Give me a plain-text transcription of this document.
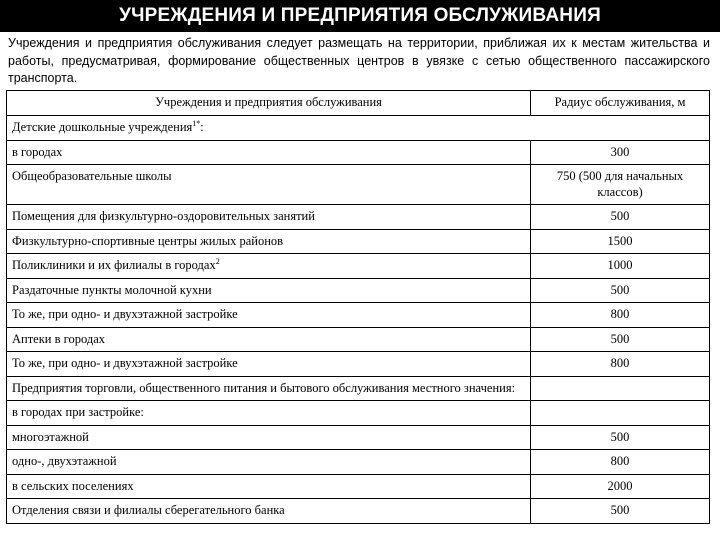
УЧРЕЖДЕНИЯ И ПРЕДПРИЯТИЯ ОБСЛУЖИВАНИЯ
Учреждения и предприятия обслуживания следует размещать на территории, приближая их к местам жительства и работы, предусматривая, формирование общественных центров в увязке с сетью общественного пассажирского транспорта.
Учреждения и предприятия обслуживания	Радиус обслуживания, м
Детские дошкольные учреждения$^{1*}$:	
в городах	300
Общеобразовательные школы	750 (500 для начальных классов)
Помещения для физкультурно-оздоровительных занятий	500
Физкультурно-спортивные центры жилых районов	1500
Поликлиники и их филиалы в городах$^2$	1000
Раздаточные пункты молочной кухни	500
То же, при одно- и двухэтажной застройке	800
Аптеки в городах	500
То же, при одно- и двухэтажной застройке	800
Предприятия торговли, общественного питания и бытового обслуживания местного значения:	
в городах при застройке:	
многоэтажной	500
одно-, двухэтажной	800
в сельских поселениях	2000
Отделения связи и филиалы сберегательного банка	500
